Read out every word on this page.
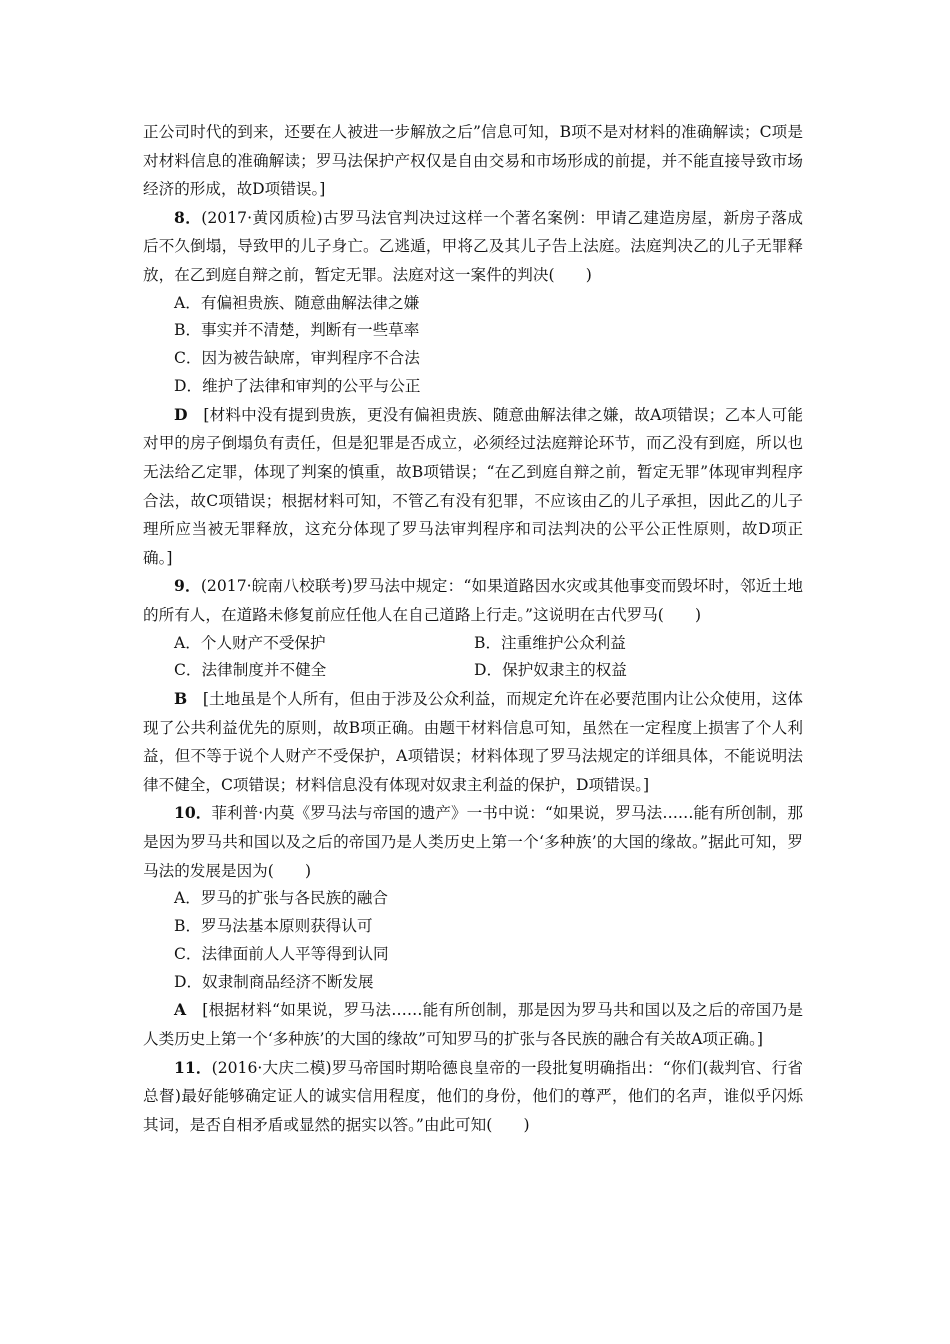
正公司时代的到来，还要在人被进一步解放之后”信息可知，B项不是对材料的准确解读；C项是对材料信息的准确解读；罗马法保护产权仅是自由交易和市场形成的前提，并不能直接导致市场经济的形成，故D项错误。]

8．(2017·黄冈质检)古罗马法官判决过这样一个著名案例：甲请乙建造房屋，新房子落成后不久倒塌，导致甲的儿子身亡。乙逃遁，甲将乙及其儿子告上法庭。法庭判决乙的儿子无罪释放，在乙到庭自辩之前，暂定无罪。法庭对这一案件的判决(　　)

A．有偏袒贵族、随意曲解法律之嫌

B．事实并不清楚，判断有一些草率

C．因为被告缺席，审判程序不合法

D．维护了法律和审判的公平与公正

D　[材料中没有提到贵族，更没有偏袒贵族、随意曲解法律之嫌，故A项错误；乙本人可能对甲的房子倒塌负有责任，但是犯罪是否成立，必须经过法庭辩论环节，而乙没有到庭，所以也无法给乙定罪，体现了判案的慎重，故B项错误；“在乙到庭自辩之前，暂定无罪”体现审判程序合法，故C项错误；根据材料可知，不管乙有没有犯罪，不应该由乙的儿子承担，因此乙的儿子理所应当被无罪释放，这充分体现了罗马法审判程序和司法判决的公平公正性原则，故D项正确。]

9．(2017·皖南八校联考)罗马法中规定：“如果道路因水灾或其他事变而毁坏时，邻近土地的所有人，在道路未修复前应任他人在自己道路上行走。”这说明在古代罗马(　　)

A．个人财产不受保护	B．注重维护公众利益
C．法律制度并不健全	D．保护奴隶主的权益

B　[土地虽是个人所有，但由于涉及公众利益，而规定允许在必要范围内让公众使用，这体现了公共利益优先的原则，故B项正确。由题干材料信息可知，虽然在一定程度上损害了个人利益，但不等于说个人财产不受保护，A项错误；材料体现了罗马法规定的详细具体，不能说明法律不健全，C项错误；材料信息没有体现对奴隶主利益的保护，D项错误。]

10．菲利普·内莫《罗马法与帝国的遗产》一书中说：“如果说，罗马法……能有所创制，那是因为罗马共和国以及之后的帝国乃是人类历史上第一个‘多种族’的大国的缘故。”据此可知，罗马法的发展是因为(　　)

A．罗马的扩张与各民族的融合

B．罗马法基本原则获得认可

C．法律面前人人平等得到认同

D．奴隶制商品经济不断发展

A　[根据材料“如果说，罗马法……能有所创制，那是因为罗马共和国以及之后的帝国乃是人类历史上第一个‘多种族’的大国的缘故”可知罗马的扩张与各民族的融合有关故A项正确。]

11．(2016·大庆二模)罗马帝国时期哈德良皇帝的一段批复明确指出：“你们(裁判官、行省总督)最好能够确定证人的诚实信用程度，他们的身份，他们的尊严，他们的名声，谁似乎闪烁其词，是否自相矛盾或显然的据实以答。”由此可知(　　)
